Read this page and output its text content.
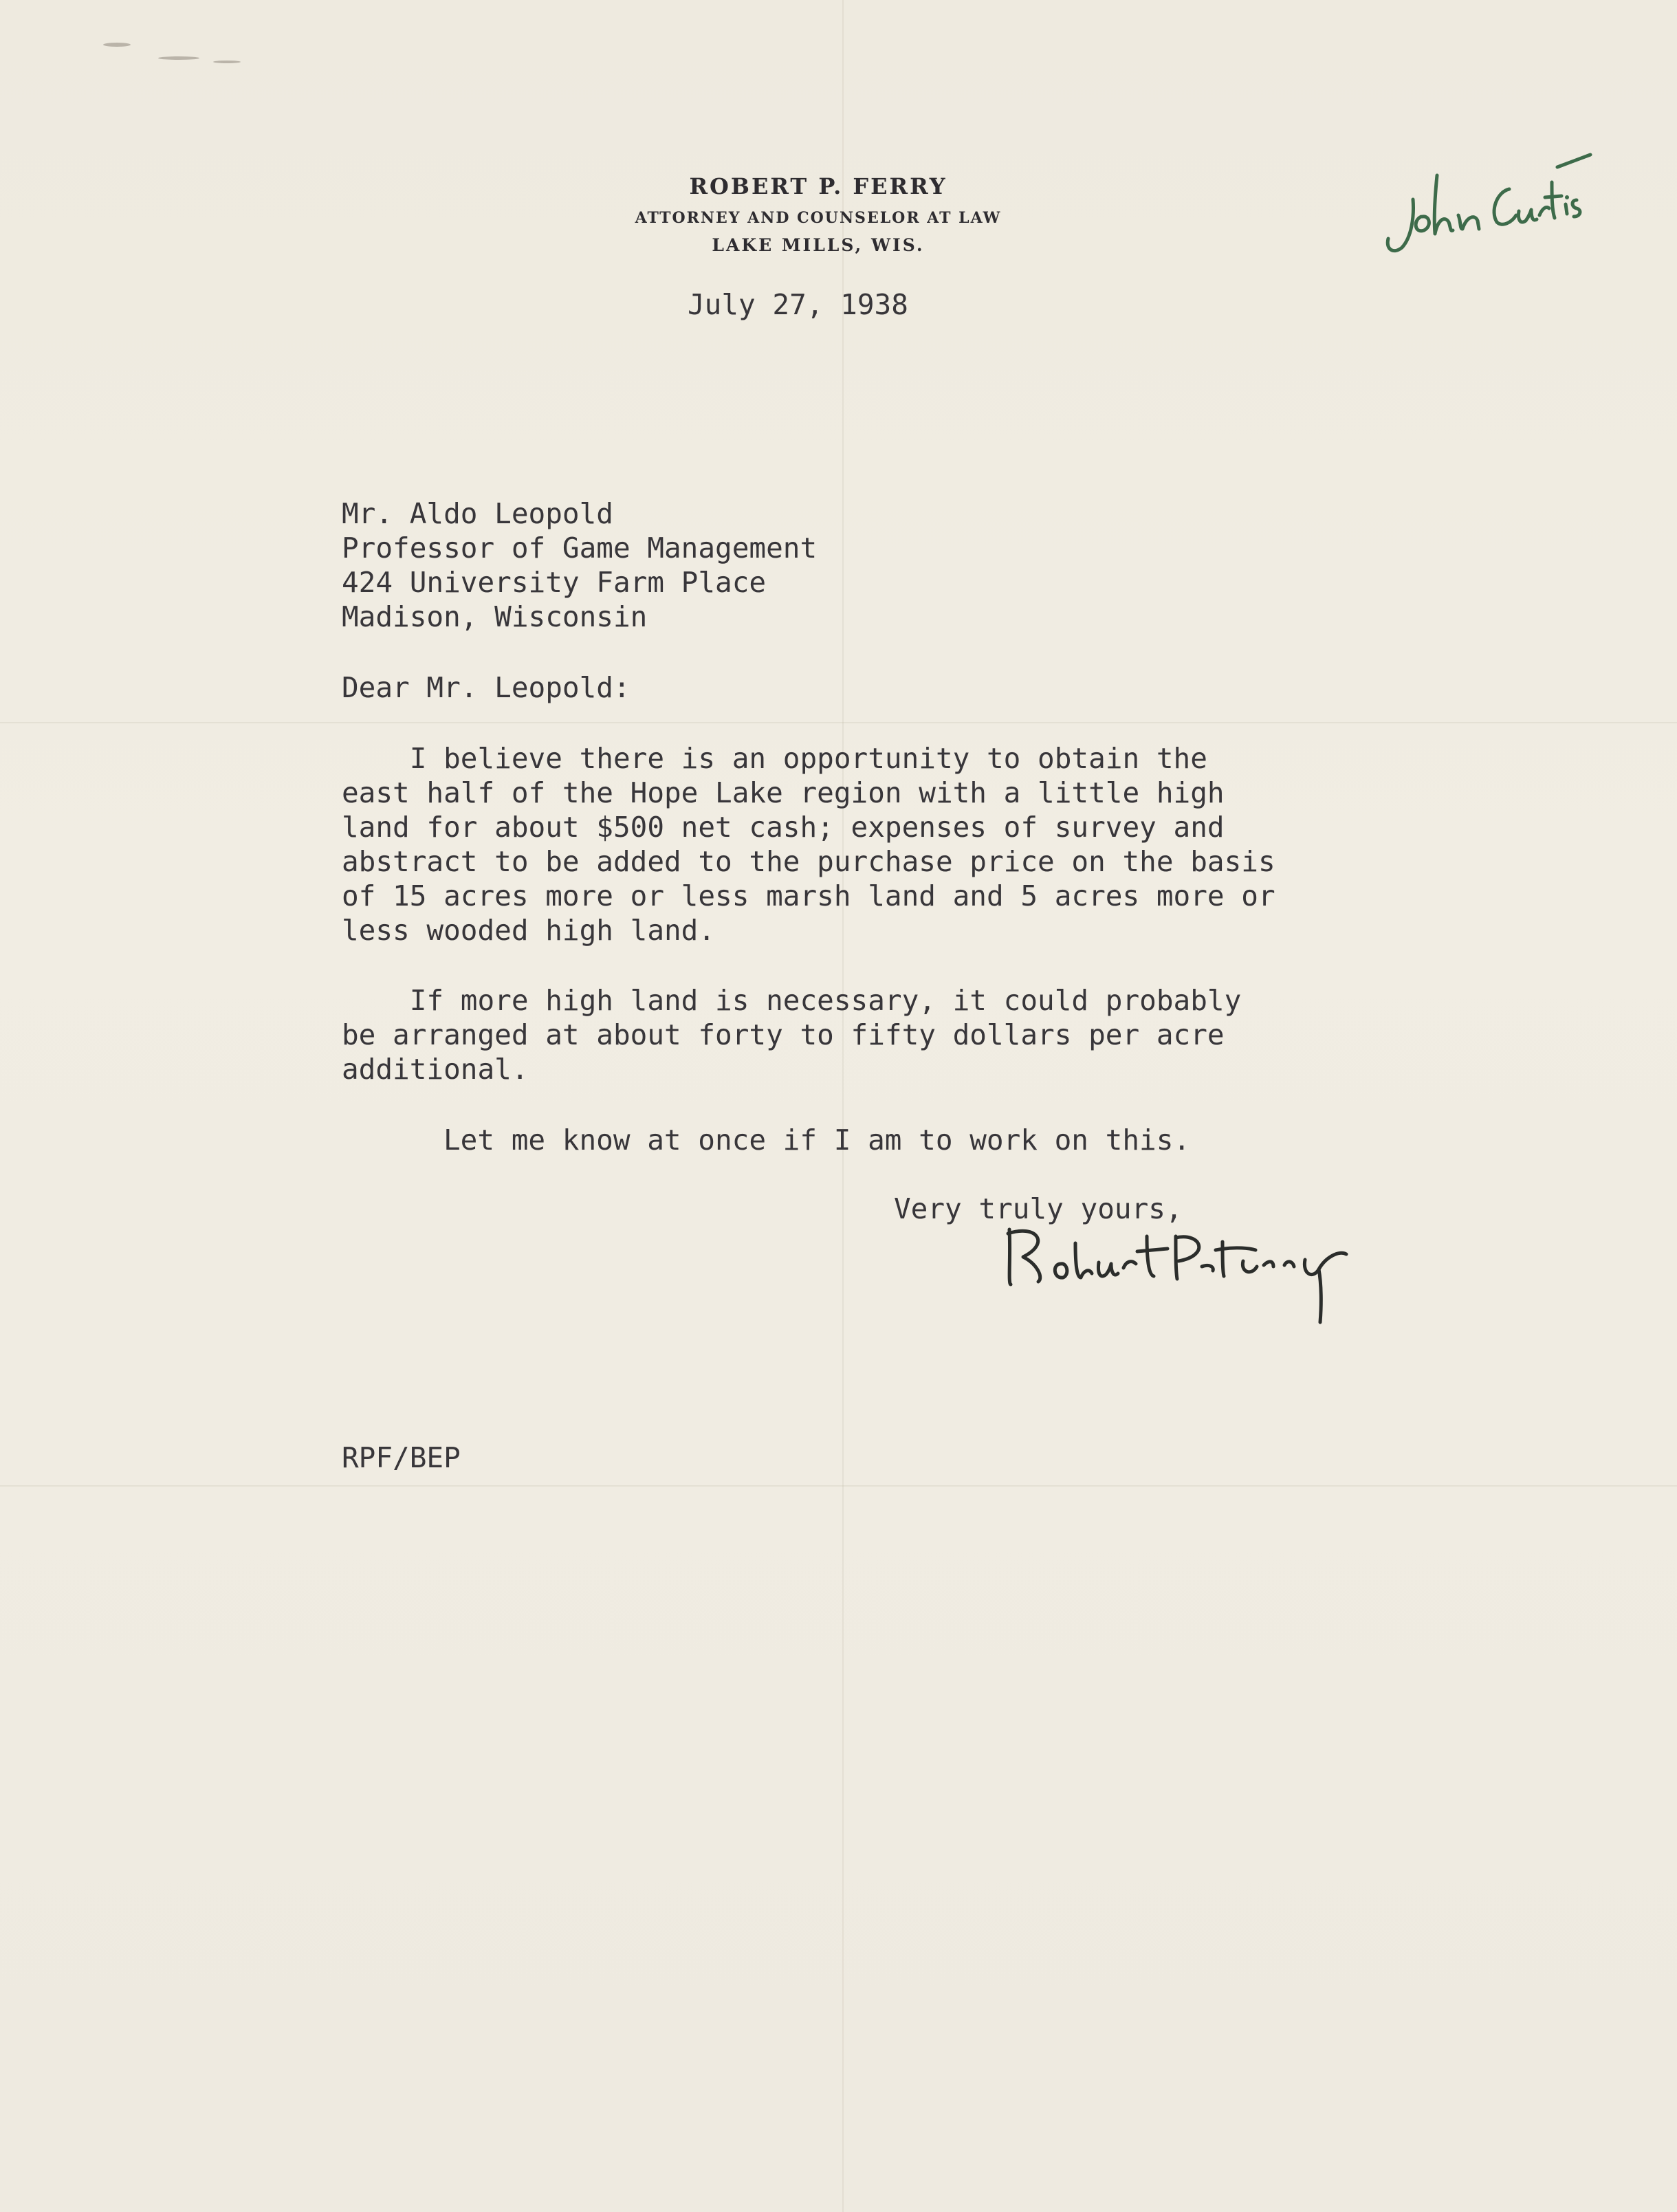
ROBERT P. FERRY
ATTORNEY AND COUNSELOR AT LAW
LAKE MILLS, WIS.

July 27, 1938

Mr. Aldo Leopold
Professor of Game Management
424 University Farm Place
Madison, Wisconsin

Dear Mr. Leopold:

I believe there is an opportunity to obtain the
east half of the Hope Lake region with a little high
land for about $500 net cash; expenses of survey and
abstract to be added to the purchase price on the basis
of 15 acres more or less marsh land and 5 acres more or
less wooded high land.

If more high land is necessary, it could probably
be arranged at about forty to fifty dollars per acre
additional.

Let me know at once if I am to work on this.

Very truly yours,

RPF/BEP
